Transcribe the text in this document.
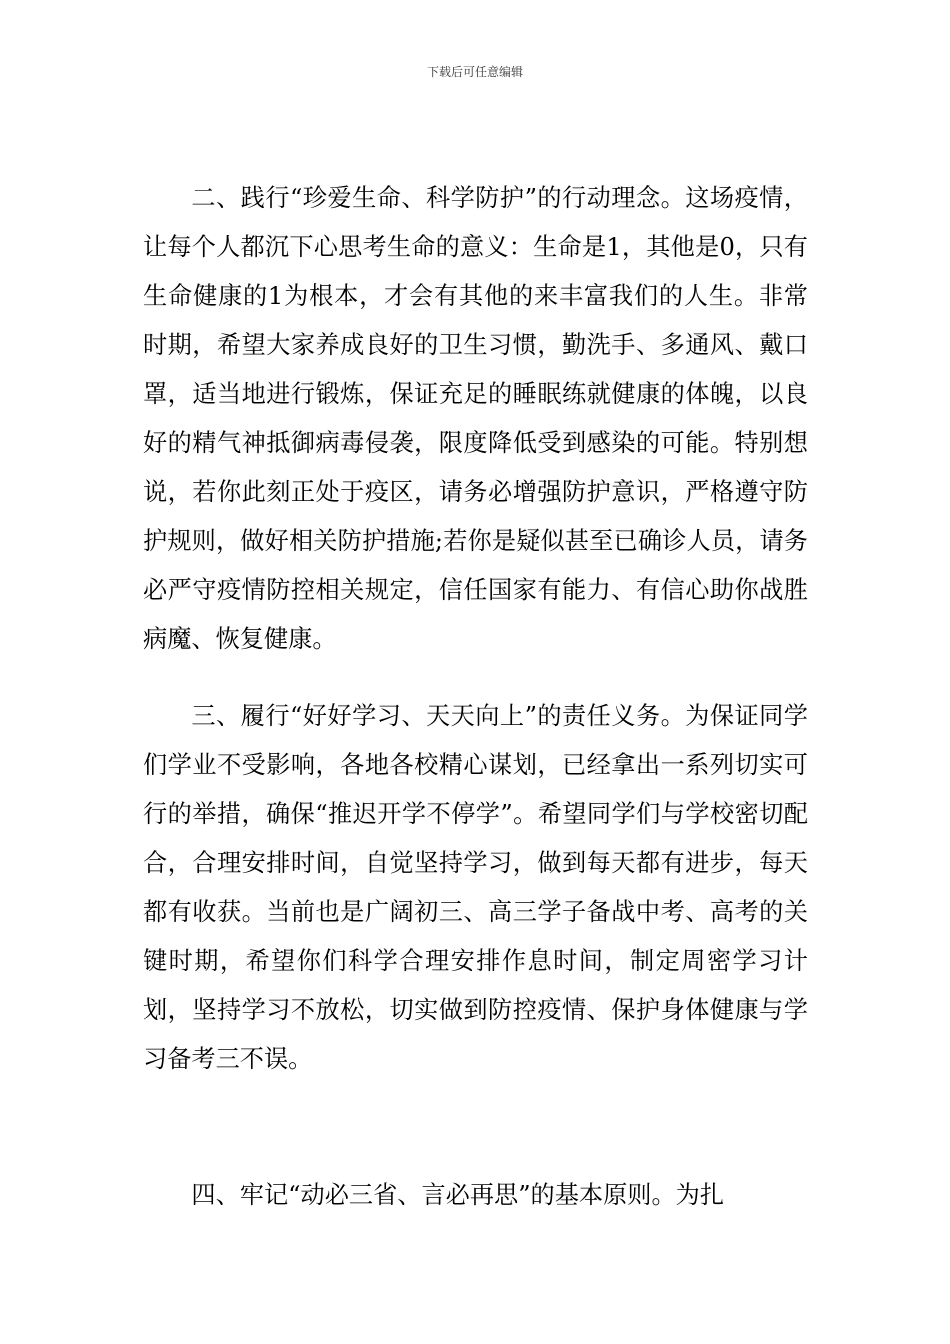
下载后可任意编辑

二、践行“珍爱生命、科学防护”的行动理念。这场疫情，让每个人都沉下心思考生命的意义：生命是1，其他是0，只有生命健康的1为根本，才会有其他的来丰富我们的人生。非常时期，希望大家养成良好的卫生习惯，勤洗手、多通风、戴口罩，适当地进行锻炼，保证充足的睡眠练就健康的体魄，以良好的精气神抵御病毒侵袭，限度降低受到感染的可能。特别想说，若你此刻正处于疫区，请务必增强防护意识，严格遵守防护规则，做好相关防护措施;若你是疑似甚至已确诊人员，请务必严守疫情防控相关规定，信任国家有能力、有信心助你战胜病魔、恢复健康。

三、履行“好好学习、天天向上”的责任义务。为保证同学们学业不受影响，各地各校精心谋划，已经拿出一系列切实可行的举措，确保“推迟开学不停学”。希望同学们与学校密切配合，合理安排时间，自觉坚持学习，做到每天都有进步，每天都有收获。当前也是广阔初三、高三学子备战中考、高考的关键时期，希望你们科学合理安排作息时间，制定周密学习计划，坚持学习不放松，切实做到防控疫情、保护身体健康与学习备考三不误。

四、牢记“动必三省、言必再思”的基本原则。为扎
